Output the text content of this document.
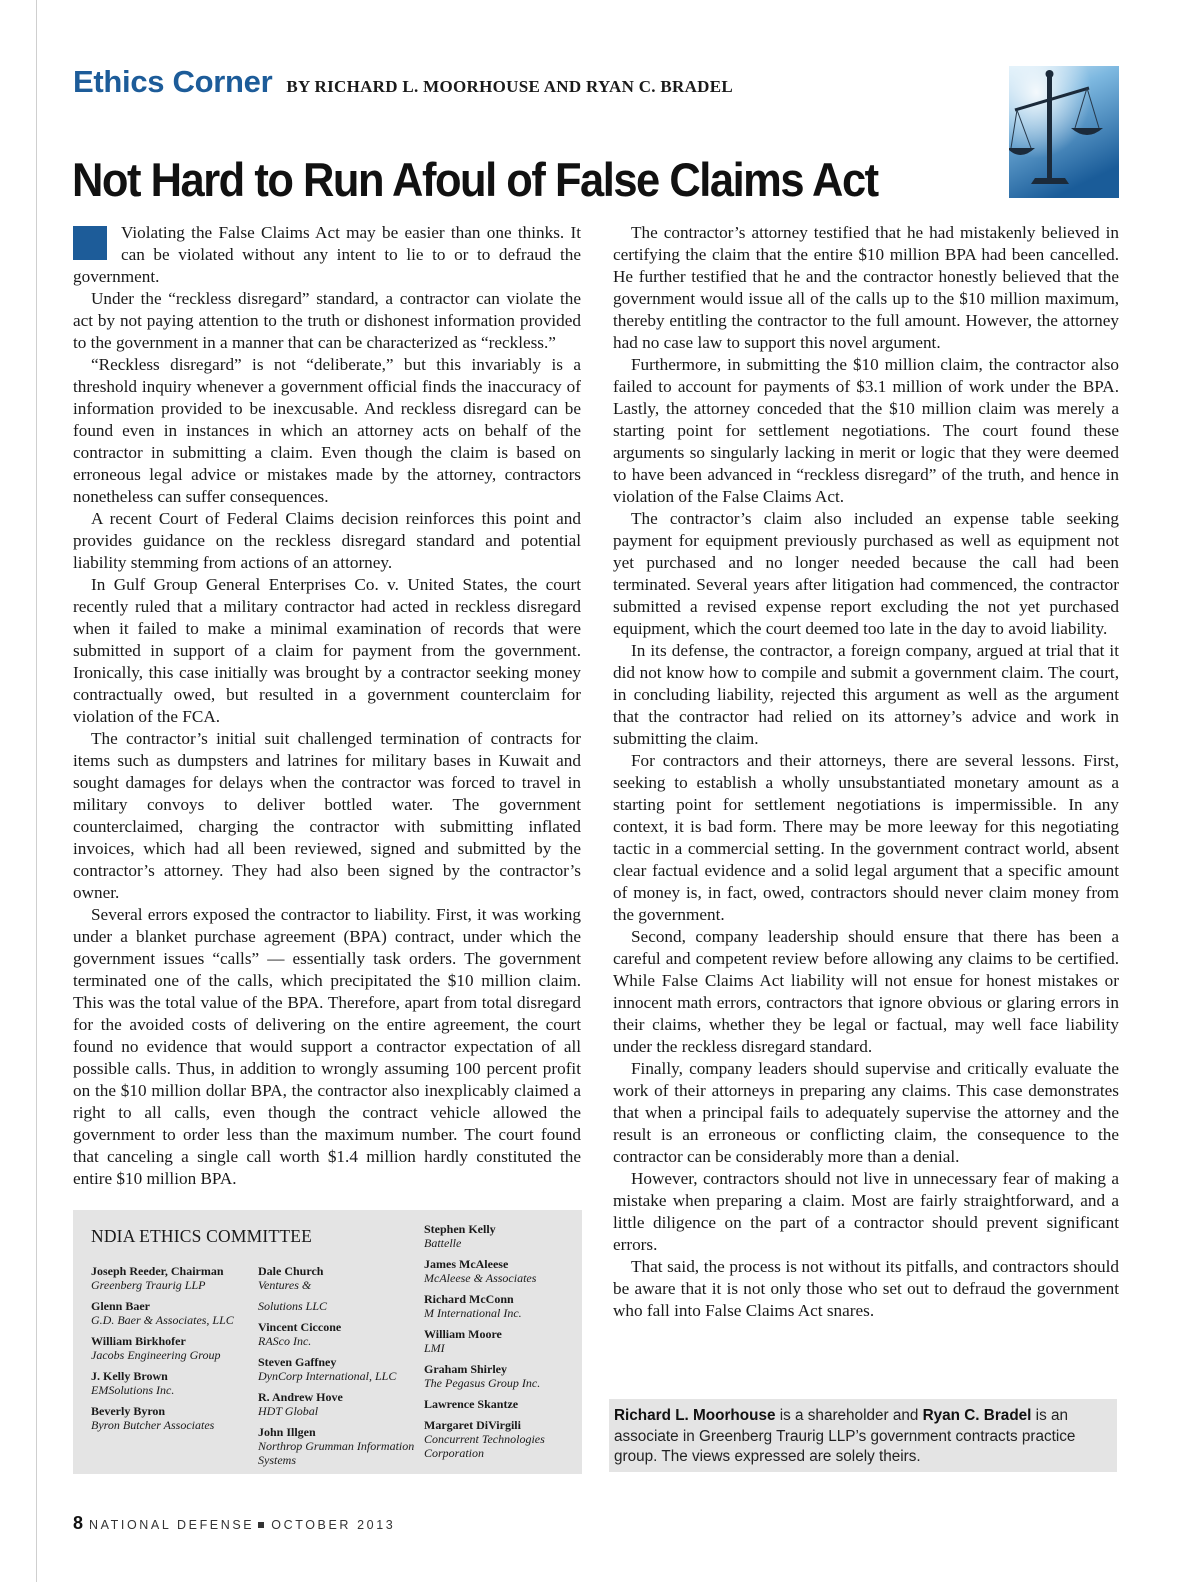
Ethics Corner BY RICHARD L. MOORHOUSE AND RYAN C. BRADEL
Not Hard to Run Afoul of False Claims Act

Violating the False Claims Act may be easier than one thinks. It can be violated without any intent to lie to or to defraud the government.

Under the “reckless disregard” standard, a contractor can violate the act by not paying attention to the truth or dishonest information provided to the government in a manner that can be characterized as “reckless.”

“Reckless disregard” is not “deliberate,” but this invariably is a threshold inquiry whenever a government official finds the inaccuracy of information provided to be inexcusable. And reckless disregard can be found even in instances in which an attorney acts on behalf of the contractor in submitting a claim. Even though the claim is based on erroneous legal advice or mistakes made by the attorney, contractors nonetheless can suffer consequences.

A recent Court of Federal Claims decision reinforces this point and provides guidance on the reckless disregard standard and potential liability stemming from actions of an attorney.

In Gulf Group General Enterprises Co. v. United States, the court recently ruled that a military contractor had acted in reckless disregard when it failed to make a minimal examination of records that were submitted in support of a claim for payment from the government. Ironically, this case initially was brought by a contractor seeking money contractually owed, but resulted in a government counterclaim for violation of the FCA.

The contractor’s initial suit challenged termination of contracts for items such as dumpsters and latrines for military bases in Kuwait and sought damages for delays when the contractor was forced to travel in military convoys to deliver bottled water. The government counterclaimed, charging the contractor with submitting inflated invoices, which had all been reviewed, signed and submitted by the contractor’s attorney. They had also been signed by the contractor’s owner.

Several errors exposed the contractor to liability. First, it was working under a blanket purchase agreement (BPA) contract, under which the government issues “calls” — essentially task orders. The government terminated one of the calls, which precipitated the $10 million claim. This was the total value of the BPA. Therefore, apart from total disregard for the avoided costs of delivering on the entire agreement, the court found no evidence that would support a contractor expectation of all possible calls. Thus, in addition to wrongly assuming 100 percent profit on the $10 million dollar BPA, the contractor also inexplicably claimed a right to all calls, even though the contract vehicle allowed the government to order less than the maximum number. The court found that canceling a single call worth $1.4 million hardly constituted the entire $10 million BPA.

The contractor’s attorney testified that he had mistakenly believed in certifying the claim that the entire $10 million BPA had been cancelled. He further testified that he and the contractor honestly believed that the government would issue all of the calls up to the $10 million maximum, thereby entitling the contractor to the full amount. However, the attorney had no case law to support this novel argument.

Furthermore, in submitting the $10 million claim, the contractor also failed to account for payments of $3.1 million of work under the BPA. Lastly, the attorney conceded that the $10 million claim was merely a starting point for settlement negotiations. The court found these arguments so singularly lacking in merit or logic that they were deemed to have been advanced in “reckless disregard” of the truth, and hence in violation of the False Claims Act.

The contractor’s claim also included an expense table seeking payment for equipment previously purchased as well as equipment not yet purchased and no longer needed because the call had been terminated. Several years after litigation had commenced, the contractor submitted a revised expense report excluding the not yet purchased equipment, which the court deemed too late in the day to avoid liability.

In its defense, the contractor, a foreign company, argued at trial that it did not know how to compile and submit a government claim. The court, in concluding liability, rejected this argument as well as the argument that the contractor had relied on its attorney’s advice and work in submitting the claim.

For contractors and their attorneys, there are several lessons. First, seeking to establish a wholly unsubstantiated monetary amount as a starting point for settlement negotiations is impermissible. In any context, it is bad form. There may be more leeway for this negotiating tactic in a commercial setting. In the government contract world, absent clear factual evidence and a solid legal argument that a specific amount of money is, in fact, owed, contractors should never claim money from the government.

Second, company leadership should ensure that there has been a careful and competent review before allowing any claims to be certified. While False Claims Act liability will not ensue for honest mistakes or innocent math errors, contractors that ignore obvious or glaring errors in their claims, whether they be legal or factual, may well face liability under the reckless disregard standard.

Finally, company leaders should supervise and critically evaluate the work of their attorneys in preparing any claims. This case demonstrates that when a principal fails to adequately supervise the attorney and the result is an erroneous or conflicting claim, the consequence to the contractor can be considerably more than a denial.

However, contractors should not live in unnecessary fear of making a mistake when preparing a claim. Most are fairly straightforward, and a little diligence on the part of a contractor should prevent significant errors.

That said, the process is not without its pitfalls, and contractors should be aware that it is not only those who set out to defraud the government who fall into False Claims Act snares.

NDIA ETHICS COMMITTEE
Joseph Reeder, Chairman
Greenberg Traurig LLP
Glenn Baer
G.D. Baer & Associates, LLC
William Birkhofer
Jacobs Engineering Group
J. Kelly Brown
EMSolutions Inc.
Beverly Byron
Byron Butcher Associates
Dale Church
Ventures &
Solutions LLC
Vincent Ciccone
RASco Inc.
Steven Gaffney
DynCorp International, LLC
R. Andrew Hove
HDT Global
John Illgen
Northrop Grumman Information Systems
Stephen Kelly
Battelle
James McAleese
McAleese & Associates
Richard McConn
M International Inc.
William Moore
LMI
Graham Shirley
The Pegasus Group Inc.
Lawrence Skantze
Margaret DiVirgili
Concurrent Technologies Corporation

Richard L. Moorhouse is a shareholder and Ryan C. Bradel is an associate in Greenberg Traurig LLP’s government contracts practice group. The views expressed are solely theirs.

8 NATIONAL DEFENSE OCTOBER 2013
